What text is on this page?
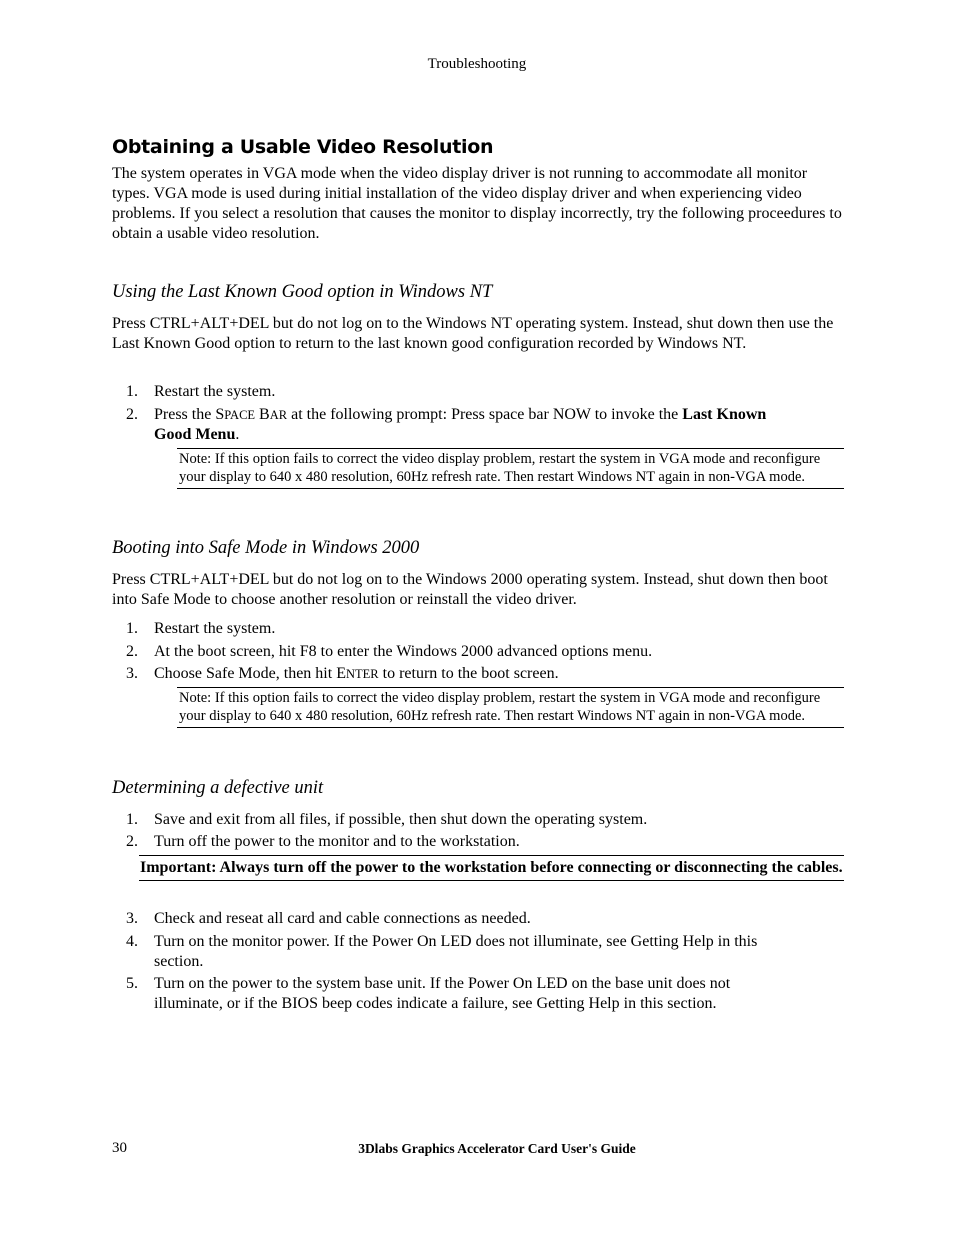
Troubleshooting
Obtaining a Usable Video Resolution
The system operates in VGA mode when the video display driver is not running to accommodate all monitor types. VGA mode is used during initial installation of the video display driver and when experiencing video problems. If you select a resolution that causes the monitor to display incorrectly, try the following proceedures to obtain a usable video resolution.
Using the Last Known Good option in Windows NT
Press CTRL+ALT+DEL but do not log on to the Windows NT operating system. Instead, shut down then use the Last Known Good option to return to the last known good configuration recorded by Windows NT.
1.	Restart the system.
2.	Press the SPACE BAR at the following prompt: Press space bar NOW to invoke the Last Known Good Menu.
Note: If this option fails to correct the video display problem, restart the system in VGA mode and reconfigure your display to 640 x 480 resolution, 60Hz refresh rate. Then restart Windows NT again in non-VGA mode.
Booting into Safe Mode in Windows 2000
Press CTRL+ALT+DEL but do not log on to the Windows 2000 operating system. Instead, shut down then boot into Safe Mode to choose another resolution or reinstall the video driver.
1.	Restart the system.
2.	At the boot screen, hit F8 to enter the Windows 2000 advanced options menu.
3.	Choose Safe Mode, then hit ENTER to return to the boot screen.
Note: If this option fails to correct the video display problem, restart the system in VGA mode and reconfigure your display to 640 x 480 resolution, 60Hz refresh rate. Then restart Windows NT again in non-VGA mode.
Determining a defective unit
1.	Save and exit from all files, if possible, then shut down the operating system.
2.	Turn off the power to the monitor and to the workstation.
Important: Always turn off the power to the workstation before connecting or disconnecting the cables.
3.	Check and reseat all card and cable connections as needed.
4.	Turn on the monitor power. If the Power On LED does not illuminate, see Getting Help in this section.
5.	Turn on the power to the system base unit. If the Power On LED on the base unit does not illuminate, or if the BIOS beep codes indicate a failure, see Getting Help in this section.
30	3Dlabs Graphics Accelerator Card User's Guide
